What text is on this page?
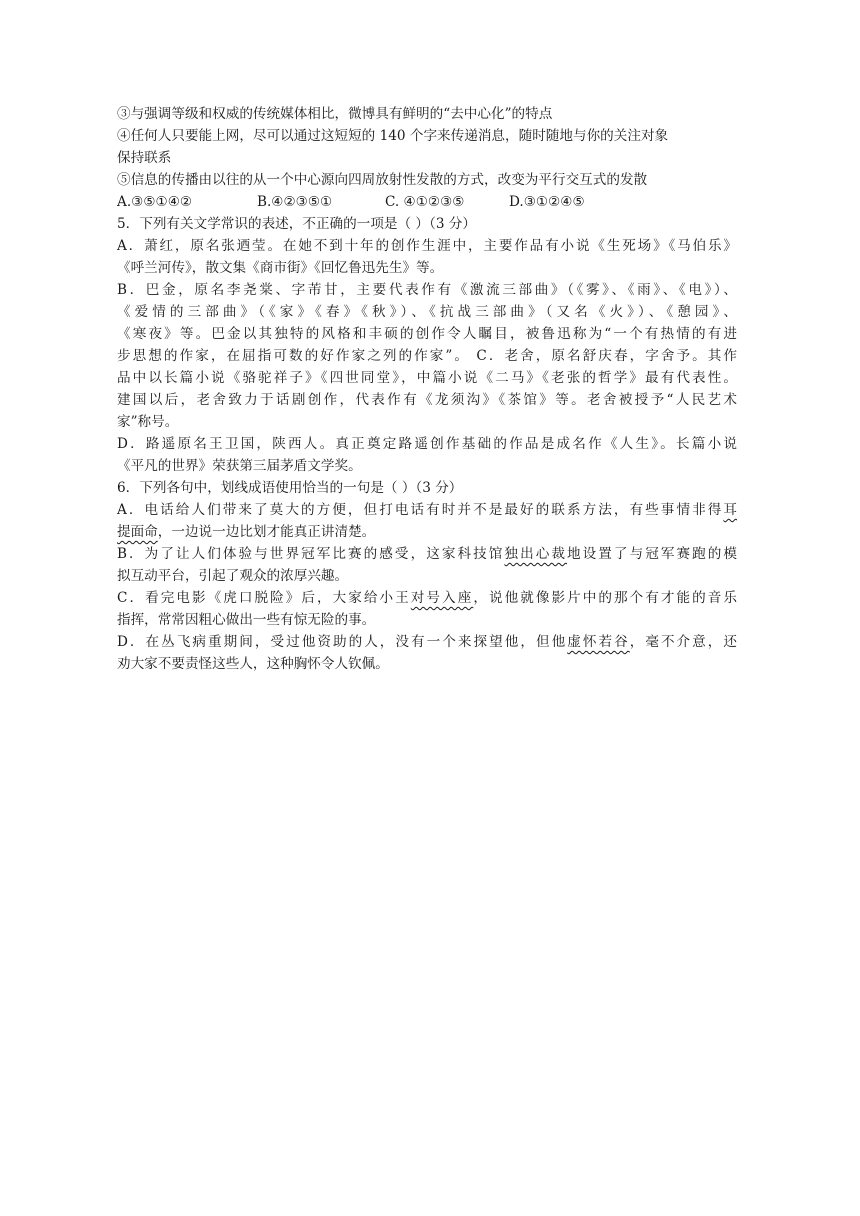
③与强调等级和权威的传统媒体相比，微博具有鲜明的“去中心化”的特点
④任何人只要能上网，尽可以通过这短短的 140 个字来传递消息，随时随地与你的关注对象
保持联系
⑤信息的传播由以往的从一个中心源向四周放射性发散的方式，改变为平行交互式的发散
A.③⑤①④②	B.④②③⑤①	C. ④①②③⑤	D.③①②④⑤
5．下列有关文学常识的表述，不正确的一项是（ ）（3 分）
A．萧红，原名张迺莹。在她不到十年的创作生涯中，主要作品有小说《生死场》《马伯乐》
《呼兰河传》，散文集《商市街》《回忆鲁迅先生》等。
B．巴金，原名李尧棠、字芾甘，主要代表作有《激流三部曲》（《雾》、《雨》、《电》）、
《爱情的三部曲》（《家》《春》《秋》）、《抗战三部曲》（又名《火》）、《憩园》、
《寒夜》等。巴金以其独特的风格和丰硕的创作令人瞩目，被鲁迅称为“一个有热情的有进
步思想的作家，在屈指可数的好作家之列的作家”。 C．老舍，原名舒庆春，字舍予。其作
品中以长篇小说《骆驼祥子》《四世同堂》，中篇小说《二马》《老张的哲学》最有代表性。
建国以后，老舍致力于话剧创作，代表作有《龙须沟》《茶馆》等。老舍被授予“人民艺术
家”称号。
D．路遥原名王卫国，陕西人。真正奠定路遥创作基础的作品是成名作《人生》。长篇小说
《平凡的世界》荣获第三届茅盾文学奖。
6．下列各句中，划线成语使用恰当的一句是（ ）（3 分）
A．电话给人们带来了莫大的方便，但打电话有时并不是最好的联系方法，有些事情非得耳
提面命，一边说一边比划才能真正讲清楚。
B．为了让人们体验与世界冠军比赛的感受，这家科技馆独出心裁地设置了与冠军赛跑的模
拟互动平台，引起了观众的浓厚兴趣。
C．看完电影《虎口脱险》后，大家给小王对号入座，说他就像影片中的那个有才能的音乐
指挥，常常因粗心做出一些有惊无险的事。
D．在丛飞病重期间，受过他资助的人，没有一个来探望他，但他虚怀若谷，毫不介意，还
劝大家不要责怪这些人，这种胸怀令人钦佩。
